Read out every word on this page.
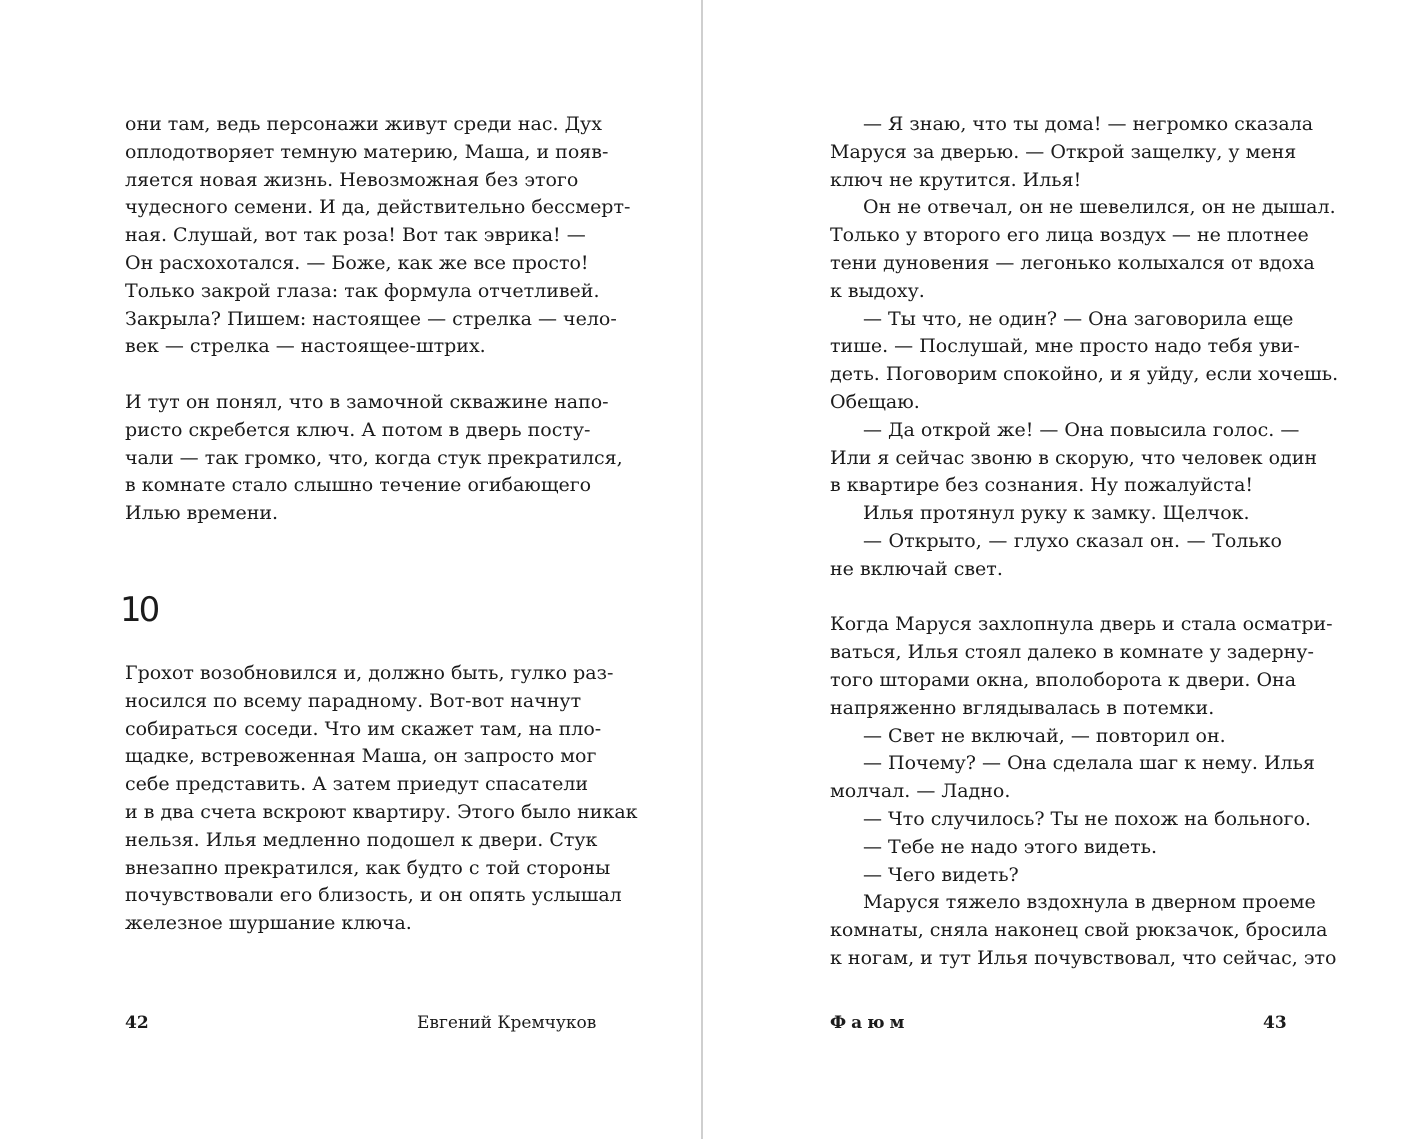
они там, ведь персонажи живут среди нас. Дух
оплодотворяет темную материю, Маша, и появ-
ляется новая жизнь. Невозможная без этого
чудесного семени. И да, действительно бессмерт-
ная. Слушай, вот так роза! Вот так эврика! —
Он расхохотался. — Боже, как же все просто!
Только закрой глаза: так формула отчетливей.
Закрыла? Пишем: настоящее — стрелка — чело-
век — стрелка — настоящее-штрих.
И тут он понял, что в замочной скважине напо-
ристо скребется ключ. А потом в дверь посту-
чали — так громко, что, когда стук прекратился,
в комнате стало слышно течение огибающего
Илью времени.
10
Грохот возобновился и, должно быть, гулко раз-
носился по всему парадному. Вот-вот начнут
собираться соседи. Что им скажет там, на пло-
щадке, встревоженная Маша, он запросто мог
себе представить. А затем приедут спасатели
и в два счета вскроют квартиру. Этого было никак
нельзя. Илья медленно подошел к двери. Стук
внезапно прекратился, как будто с той стороны
почувствовали его близость, и он опять услышал
железное шуршание ключа.
42	Евгений Кремчуков
— Я знаю, что ты дома! — негромко сказала
Маруся за дверью. — Открой защелку, у меня
ключ не крутится. Илья!
Он не отвечал, он не шевелился, он не дышал.
Только у второго его лица воздух — не плотнее
тени дуновения — легонько колыхался от вдоха
к выдоху.
— Ты что, не один? — Она заговорила еще
тише. — Послушай, мне просто надо тебя уви-
деть. Поговорим спокойно, и я уйду, если хочешь.
Обещаю.
— Да открой же! — Она повысила голос. —
Или я сейчас звоню в скорую, что человек один
в квартире без сознания. Ну пожалуйста!
Илья протянул руку к замку. Щелчок.
— Открыто, — глухо сказал он. — Только
не включай свет.
Когда Маруся захлопнула дверь и стала осматри-
ваться, Илья стоял далеко в комнате у задерну-
того шторами окна, вполоборота к двери. Она
напряженно вглядывалась в потемки.
— Свет не включай, — повторил он.
— Почему? — Она сделала шаг к нему. Илья
молчал. — Ладно.
— Что случилось? Ты не похож на больного.
— Тебе не надо этого видеть.
— Чего видеть?
Маруся тяжело вздохнула в дверном проеме
комнаты, сняла наконец свой рюкзачок, бросила
к ногам, и тут Илья почувствовал, что сейчас, это
Фаюм	43
